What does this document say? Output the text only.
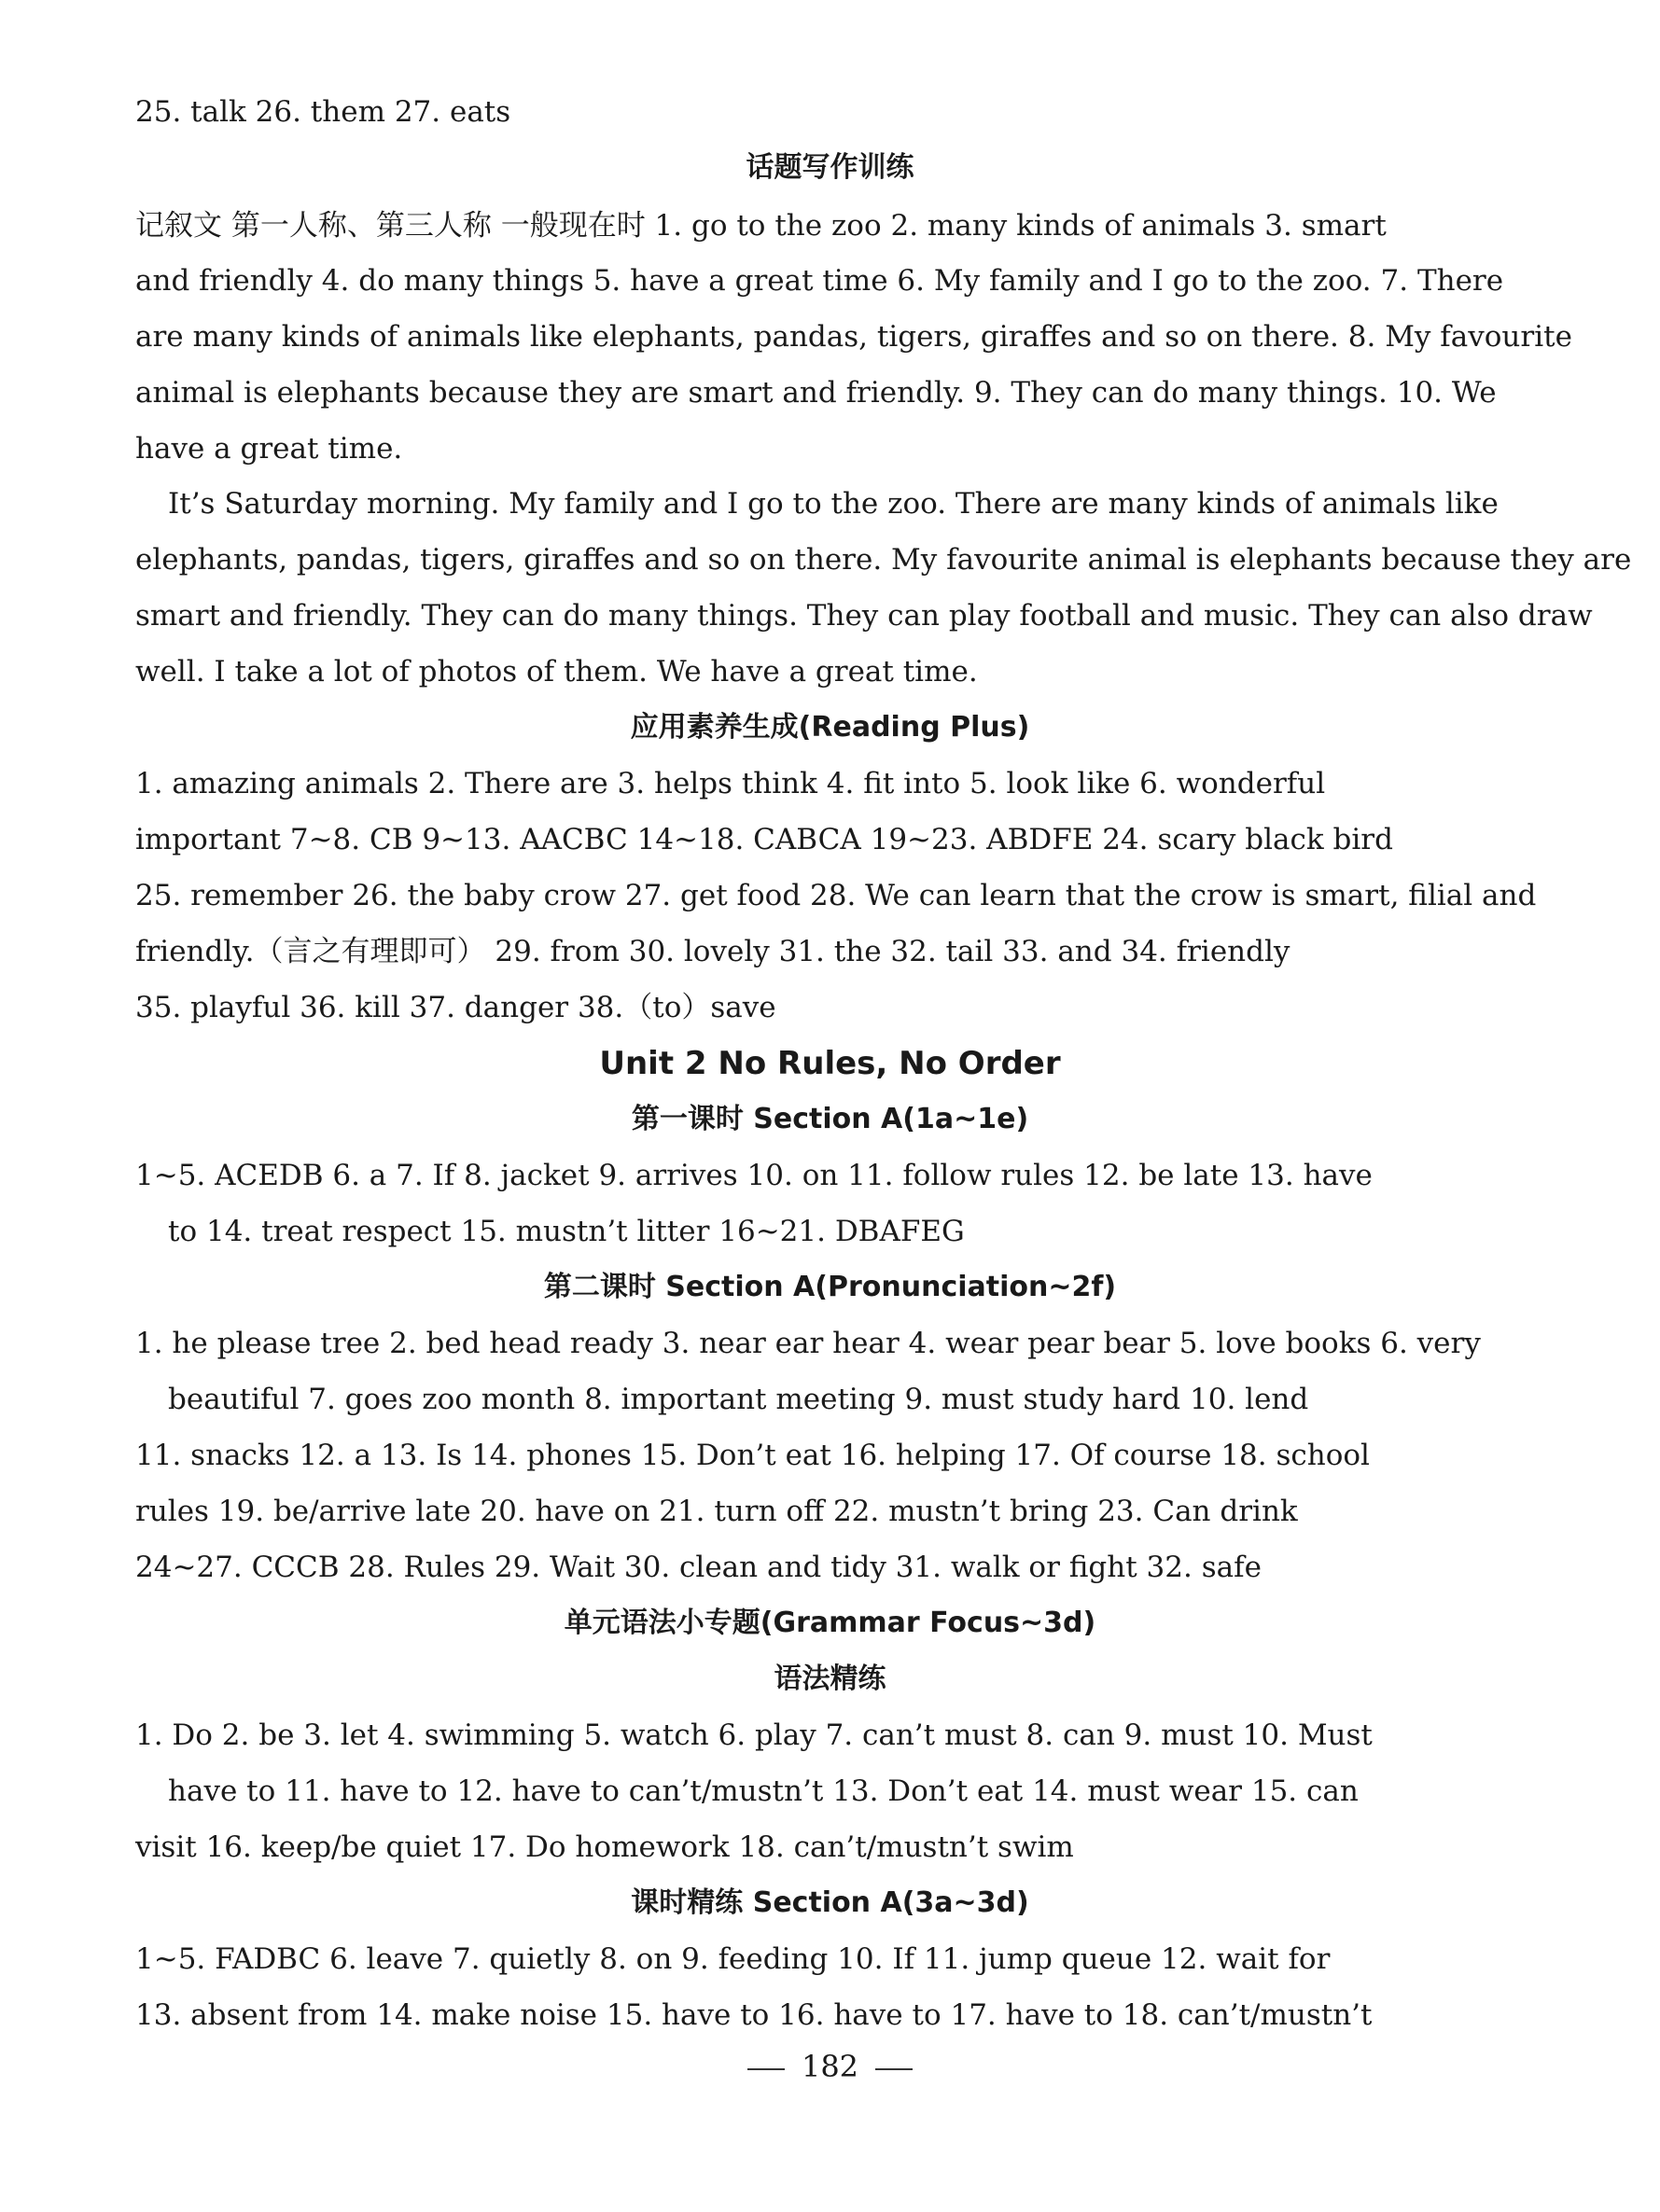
25. talk 26. them 27. eats
话题写作训练
记叙文 第一人称、第三人称 一般现在时 1. go to the zoo 2. many kinds of animals 3. smart
and friendly 4. do many things 5. have a great time 6. My family and I go to the zoo. 7. There
are many kinds of animals like elephants, pandas, tigers, giraffes and so on there. 8. My favourite
animal is elephants because they are smart and friendly. 9. They can do many things. 10. We
have a great time.
It’s Saturday morning. My family and I go to the zoo. There are many kinds of animals like
elephants, pandas, tigers, giraffes and so on there. My favourite animal is elephants because they are
smart and friendly. They can do many things. They can play football and music. They can also draw
well. I take a lot of photos of them. We have a great time.
应用素养生成(Reading Plus)
1. amazing animals 2. There are 3. helps think 4. fit into 5. look like 6. wonderful
important 7~8. CB 9~13. AACBC 14~18. CABCA 19~23. ABDFE 24. scary black bird
25. remember 26. the baby crow 27. get food 28. We can learn that the crow is smart, filial and
friendly.（言之有理即可） 29. from 30. lovely 31. the 32. tail 33. and 34. friendly
35. playful 36. kill 37. danger 38.（to）save
Unit 2 No Rules, No Order
第一课时 Section A(1a~1e)
1~5. ACEDB 6. a 7. If 8. jacket 9. arrives 10. on 11. follow rules 12. be late 13. have
to 14. treat respect 15. mustn’t litter 16~21. DBAFEG
第二课时 Section A(Pronunciation~2f)
1. he please tree 2. bed head ready 3. near ear hear 4. wear pear bear 5. love books 6. very
beautiful 7. goes zoo month 8. important meeting 9. must study hard 10. lend
11. snacks 12. a 13. Is 14. phones 15. Don’t eat 16. helping 17. Of course 18. school
rules 19. be/arrive late 20. have on 21. turn off 22. mustn’t bring 23. Can drink
24~27. CCCB 28. Rules 29. Wait 30. clean and tidy 31. walk or fight 32. safe
单元语法小专题(Grammar Focus~3d)
语法精练
1. Do 2. be 3. let 4. swimming 5. watch 6. play 7. can’t must 8. can 9. must 10. Must
have to 11. have to 12. have to can’t/mustn’t 13. Don’t eat 14. must wear 15. can
visit 16. keep/be quiet 17. Do homework 18. can’t/mustn’t swim
课时精练 Section A(3a~3d)
1~5. FADBC 6. leave 7. quietly 8. on 9. feeding 10. If 11. jump queue 12. wait for
13. absent from 14. make noise 15. have to 16. have to 17. have to 18. can’t/mustn’t
182
